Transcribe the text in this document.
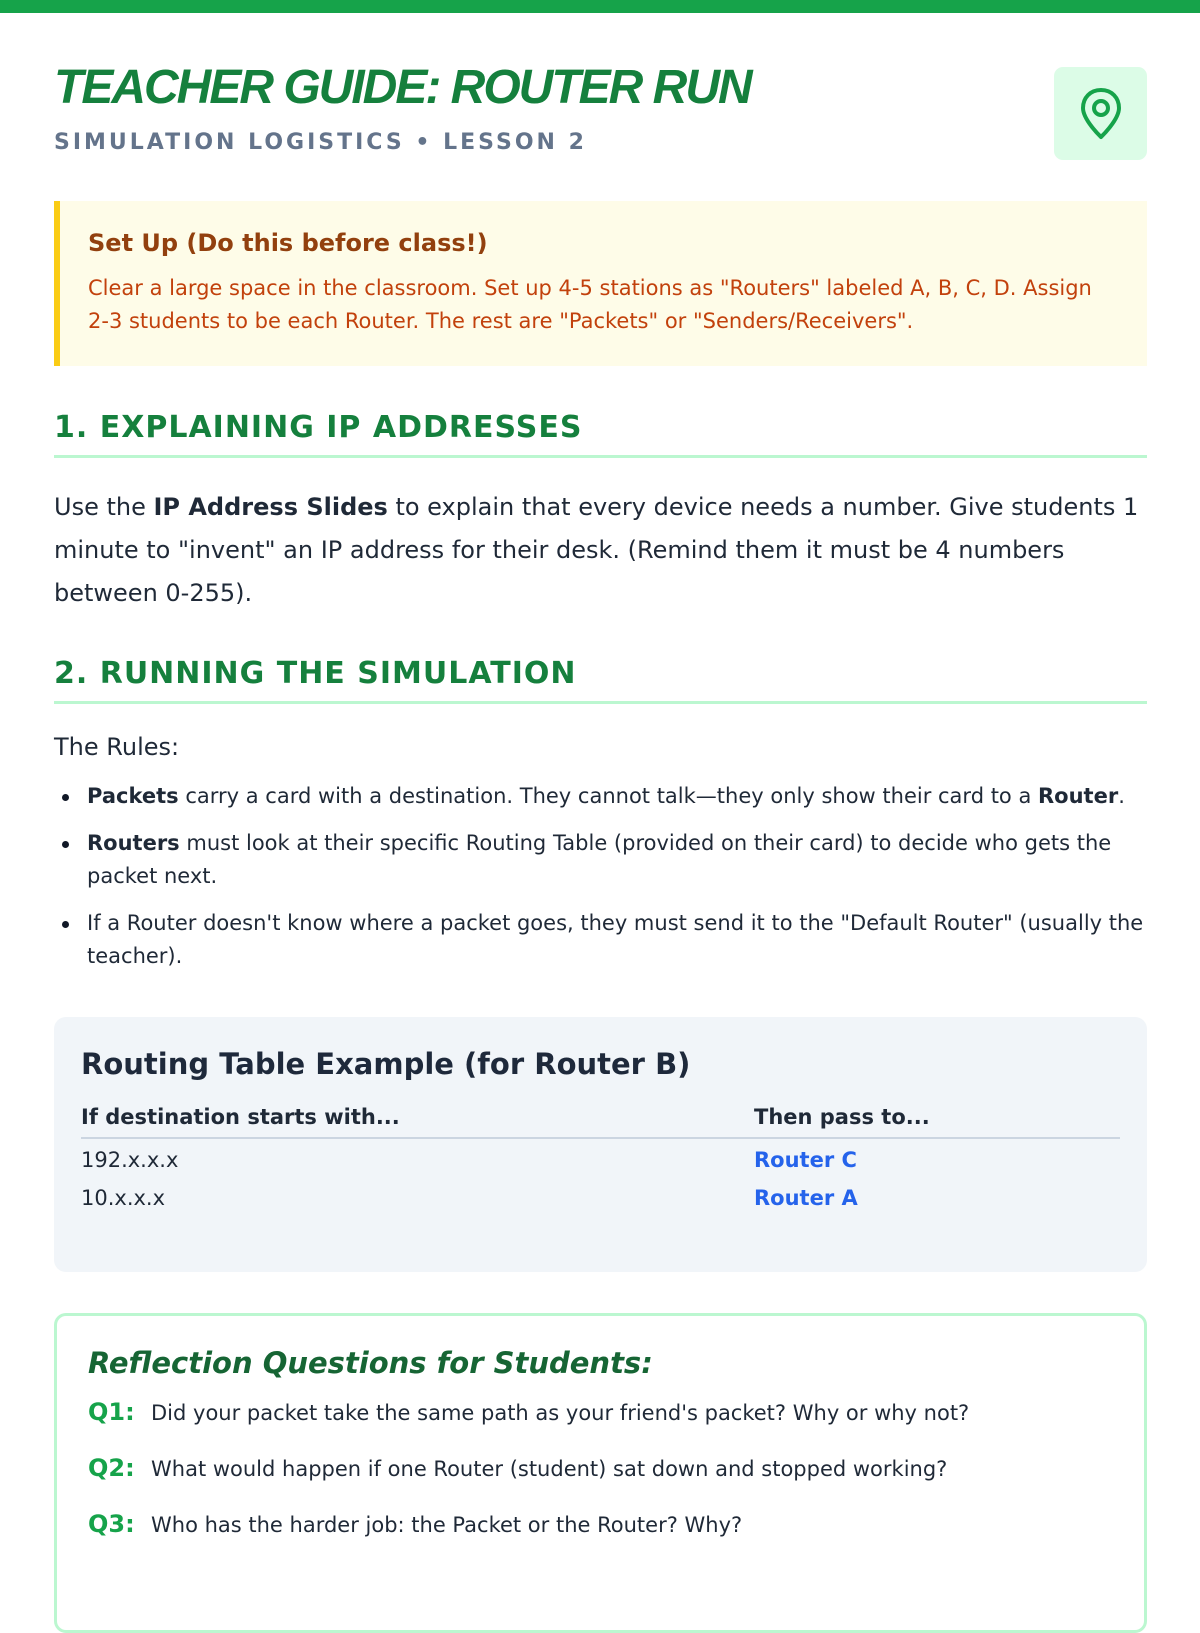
TEACHER GUIDE: ROUTER RUN
SIMULATION LOGISTICS • LESSON 2

Set Up (Do this before class!)

Clear a large space in the classroom. Set up 4-5 stations as "Routers" labeled A, B, C, D. Assign 2-3 students to be each Router. The rest are "Packets" or "Senders/Receivers".

1. EXPLAINING IP ADDRESSES

Use the IP Address Slides to explain that every device needs a number. Give students 1 minute to "invent" an IP address for their desk. (Remind them it must be 4 numbers between 0-255).

2. RUNNING THE SIMULATION
The Rules:
Packets carry a card with a destination. They cannot talk—they only show their card to a Router.
Routers must look at their specific Routing Table (provided on their card) to decide who gets the packet next.
If a Router doesn't know where a packet goes, they must send it to the "Default Router" (usually the teacher).

Routing Table Example (for Router B)

If destination starts with...	Then pass to...
192.x.x.x	Router C
10.x.x.x	Router A

Reflection Questions for Students:

Q1: Did your packet take the same path as your friend's packet? Why or why not?
Q2: What would happen if one Router (student) sat down and stopped working?
Q3: Who has the harder job: the Packet or the Router? Why?
